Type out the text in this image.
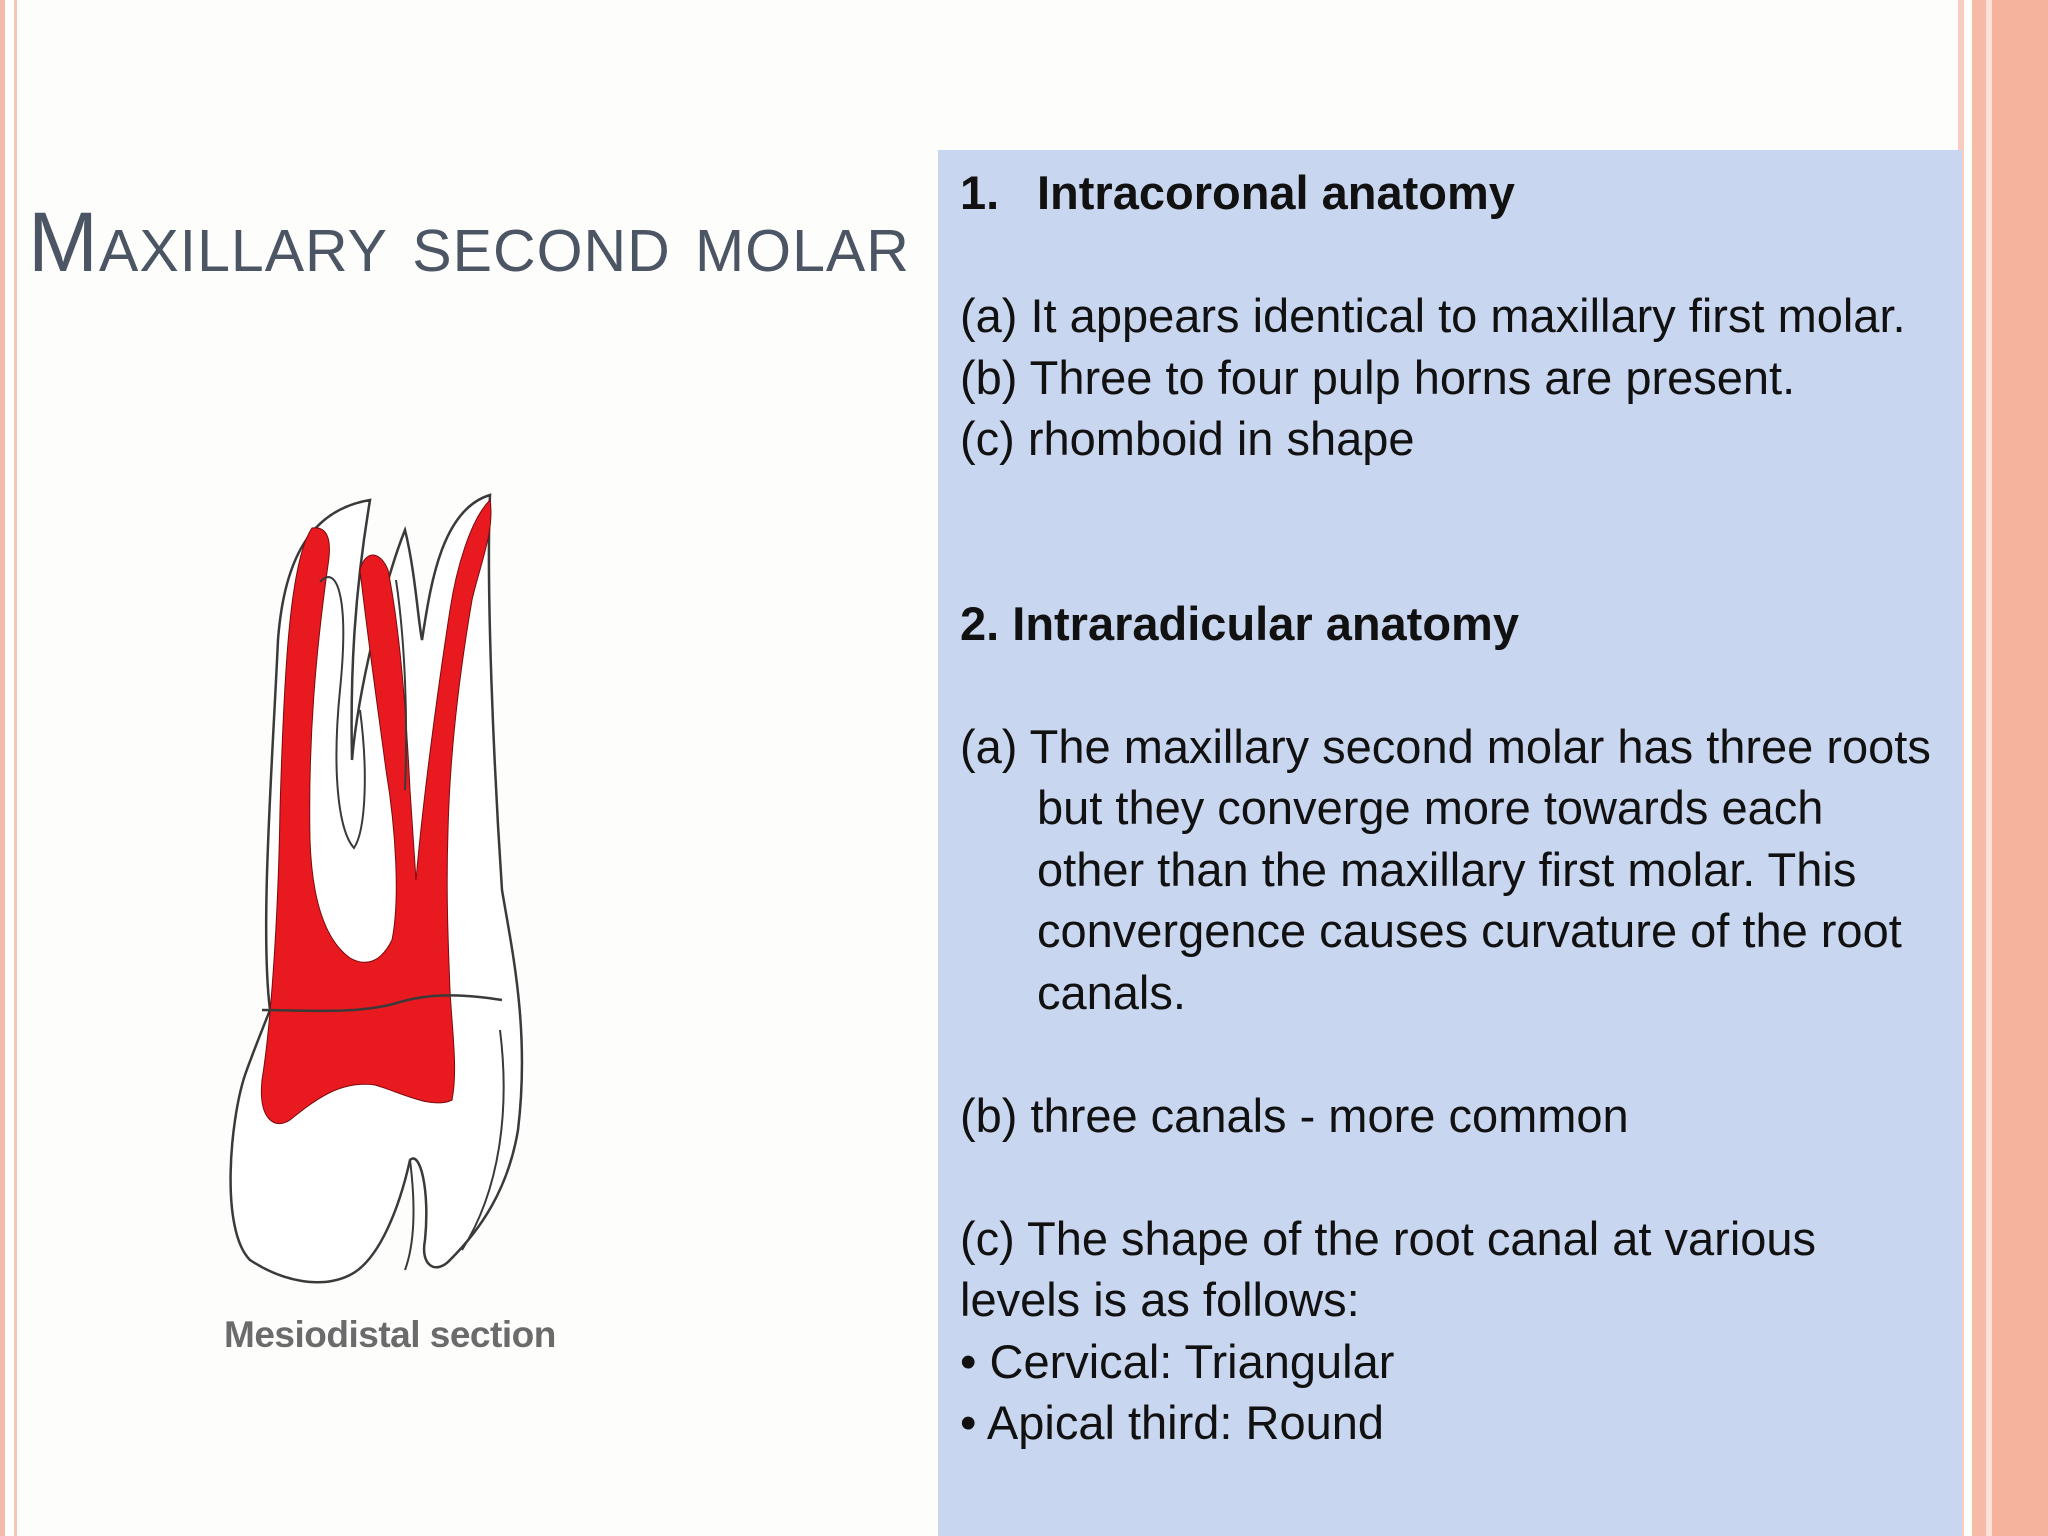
Maxillary second molar
Mesiodistal section

1. Intracoronal anatomy

(a) It appears identical to maxillary first molar.

(b) Three to four pulp horns are present.

(c) rhomboid in shape

2. Intraradicular anatomy

(a) The maxillary second molar has three roots but they converge more towards each other than the maxillary first molar. This convergence causes curvature of the root canals.

(b) three canals - more common

(c) The shape of the root canal at various levels is as follows:

• Cervical: Triangular

• Apical third: Round
